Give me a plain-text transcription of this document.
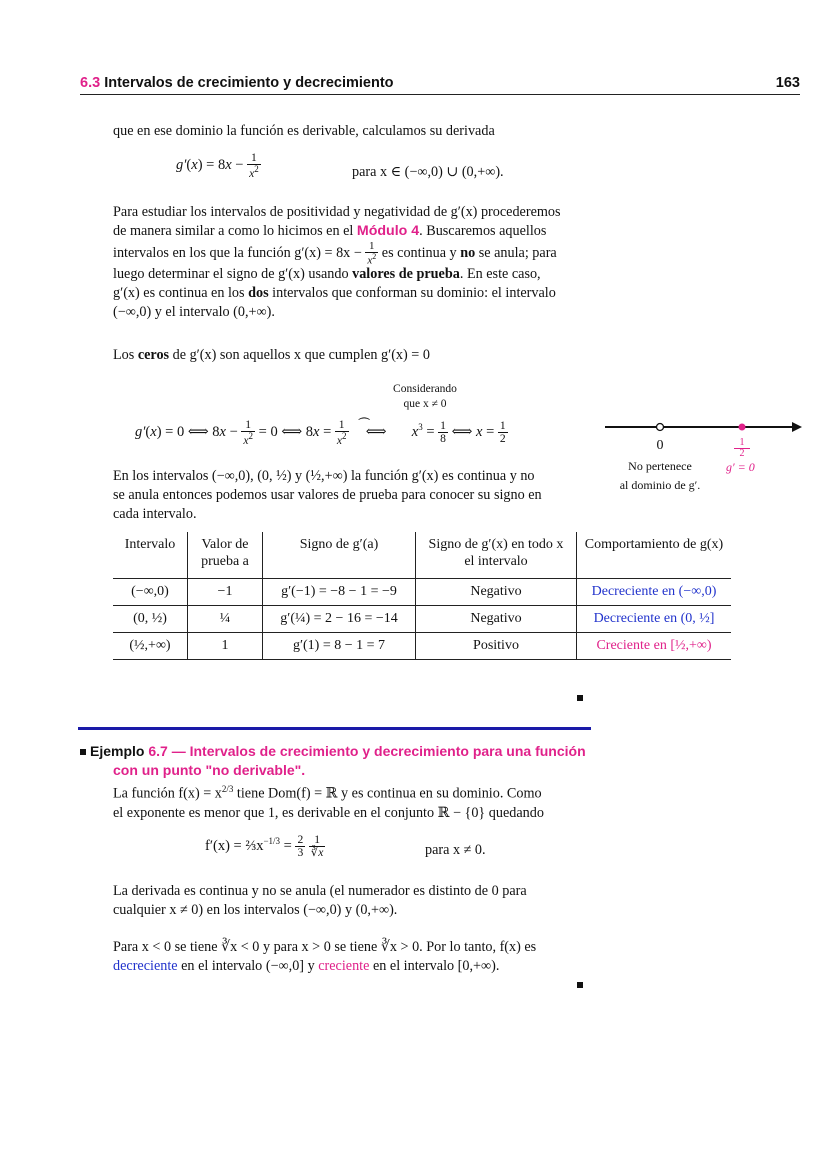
6.3 Intervalos de crecimiento y decrecimiento	163
que en ese dominio la función es derivable, calculamos su derivada
$g'(x) = 8x - \frac{1}{x^2}$	para x ∈ (−∞,0) ∪ (0,+∞).
Para estudiar los intervalos de positividad y negatividad de g′(x) procederemos
de manera similar a como lo hicimos en el Módulo 4. Buscaremos aquellos
intervalos en los que la función $g'(x) = 8x - \frac{1}{x^2}$ es continua y no se anula; para
luego determinar el signo de g′(x) usando valores de prueba. En este caso,
g′(x) es continua en los dos intervalos que conforman su dominio: el intervalo
(−∞,0) y el intervalo (0,+∞).
Los ceros de g′(x) son aquellos x que cumplen g′(x) = 0
Considerando
que x ≠ 0
g′(x) = 0 ⟺ $8x - \frac{1}{x^2} = 0$ ⟺ $8x = \frac{1}{x^2}$ ⟺
⏜	$x^3 = \frac{1}{8}$ ⟺ $x = \frac{1}{2}$
0	$\frac{1}{2}$
No pertenece
al dominio de g′.
g′ = 0
En los intervalos (−∞,0), (0, ½) y (½,+∞) la función g′(x) es continua y no
se anula entonces podemos usar valores de prueba para conocer su signo en
cada intervalo.
Intervalo	Valor de prueba a	Signo de g′(a)	Signo de g′(x) en todo x el intervalo	Comportamiento de g(x)
(−∞,0)	−1	g′(−1) = −8 − 1 = −9	Negativo	Decreciente en (−∞,0)
(0, ½)	¼	g′(¼) = 2 − 16 = −14	Negativo	Decreciente en (0, ½]
(½,+∞)	1	g′(1) = 8 − 1 = 7	Positivo	Creciente en [½,+∞)
Ejemplo 6.7 — Intervalos de crecimiento y decrecimiento para una función
con un punto "no derivable".
La función $f(x) = x^{2/3}$ tiene Dom(f) = ℝ y es continua en su dominio. Como
el exponente es menor que 1, es derivable en el conjunto ℝ − {0} quedando
$f'(x) = \frac{2}{3}x^{-1/3} = \frac{2}{3}$
$\frac{1}{∛x}$	para x ≠ 0.
La derivada es continua y no se anula (el numerador es distinto de 0 para
cualquier x ≠ 0) en los intervalos (−∞,0) y (0,+∞).
Para x < 0 se tiene ∛x < 0 y para x > 0 se tiene ∛x > 0. Por lo tanto, f(x) es
decreciente en el intervalo (−∞,0] y creciente en el intervalo [0,+∞).
